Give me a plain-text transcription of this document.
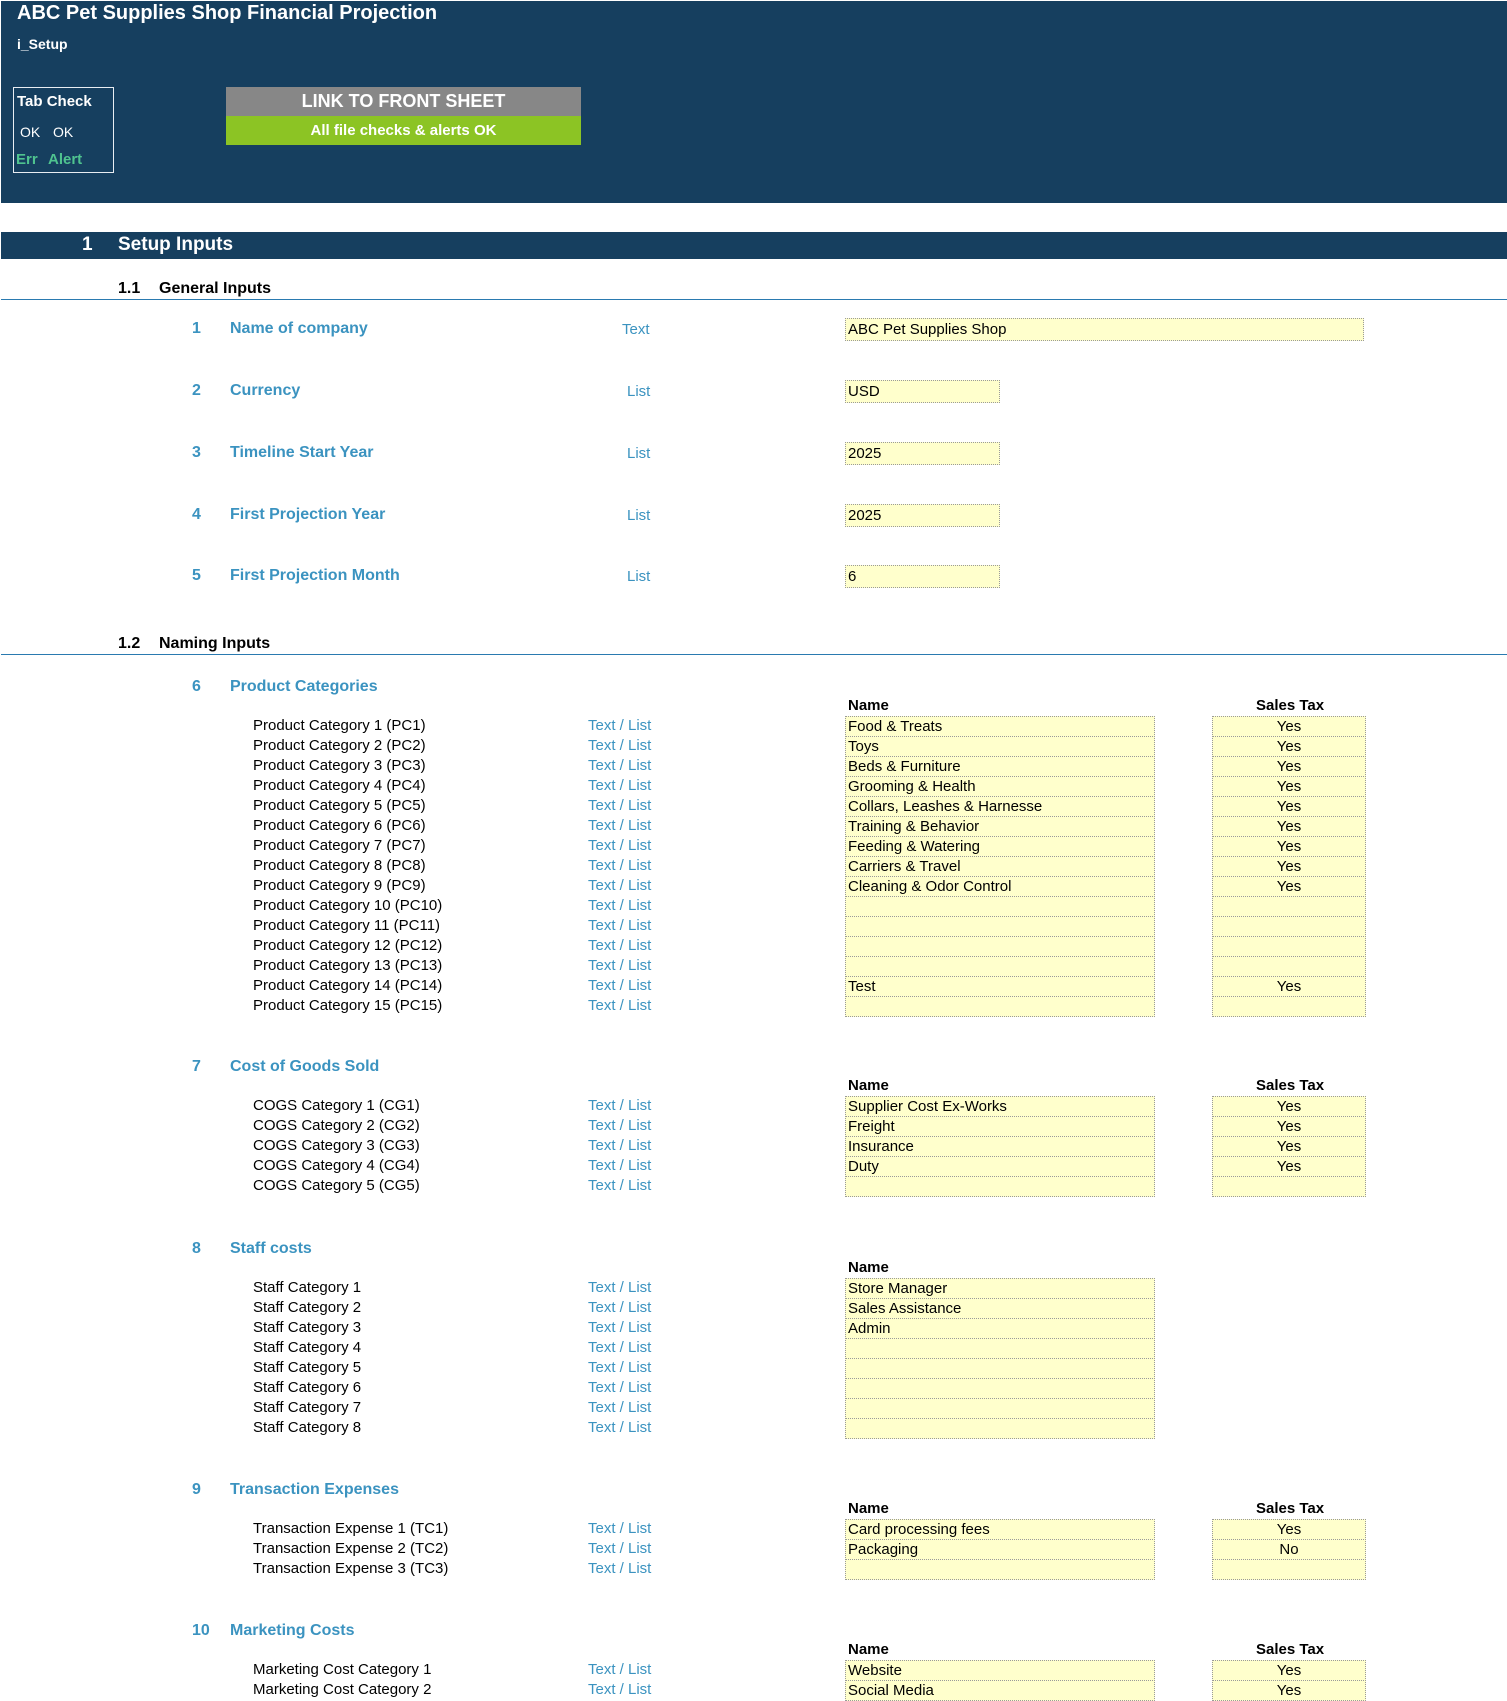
ABC Pet Supplies Shop Financial Projection
i_Setup
Tab Check
OK OK
Err Alert
LINK TO FRONT SHEET
All file checks & alerts OK
1 Setup Inputs
1.1 General Inputs
1 Name of company	Text	ABC Pet Supplies Shop
2 Currency	List	USD
3 Timeline Start Year	List	2025
4 First Projection Year	List	2025
5 First Projection Month	List	6
1.2 Naming Inputs
6 Product Categories
Name	Sales Tax
Product Category 1 (PC1)	Text / List	Food & Treats	Yes
Product Category 2 (PC2)	Text / List	Toys	Yes
Product Category 3 (PC3)	Text / List	Beds & Furniture	Yes
Product Category 4 (PC4)	Text / List	Grooming & Health	Yes
Product Category 5 (PC5)	Text / List	Collars, Leashes & Harnesse	Yes
Product Category 6 (PC6)	Text / List	Training & Behavior	Yes
Product Category 7 (PC7)	Text / List	Feeding & Watering	Yes
Product Category 8 (PC8)	Text / List	Carriers & Travel	Yes
Product Category 9 (PC9)	Text / List	Cleaning & Odor Control	Yes
Product Category 10 (PC10)	Text / List
Product Category 11 (PC11)	Text / List
Product Category 12 (PC12)	Text / List
Product Category 13 (PC13)	Text / List
Product Category 14 (PC14)	Text / List	Test	Yes
Product Category 15 (PC15)	Text / List
7 Cost of Goods Sold
Name	Sales Tax
COGS Category 1 (CG1)	Text / List	Supplier Cost Ex-Works	Yes
COGS Category 2 (CG2)	Text / List	Freight	Yes
COGS Category 3 (CG3)	Text / List	Insurance	Yes
COGS Category 4 (CG4)	Text / List	Duty	Yes
COGS Category 5 (CG5)	Text / List
8 Staff costs
Name
Staff Category 1	Text / List	Store Manager
Staff Category 2	Text / List	Sales Assistance
Staff Category 3	Text / List	Admin
Staff Category 4	Text / List
Staff Category 5	Text / List
Staff Category 6	Text / List
Staff Category 7	Text / List
Staff Category 8	Text / List
9 Transaction Expenses
Name	Sales Tax
Transaction Expense 1 (TC1)	Text / List	Card processing fees	Yes
Transaction Expense 2 (TC2)	Text / List	Packaging	No
Transaction Expense 3 (TC3)	Text / List
10 Marketing Costs
Name	Sales Tax
Marketing Cost Category 1	Text / List	Website	Yes
Marketing Cost Category 2	Text / List	Social Media	Yes
